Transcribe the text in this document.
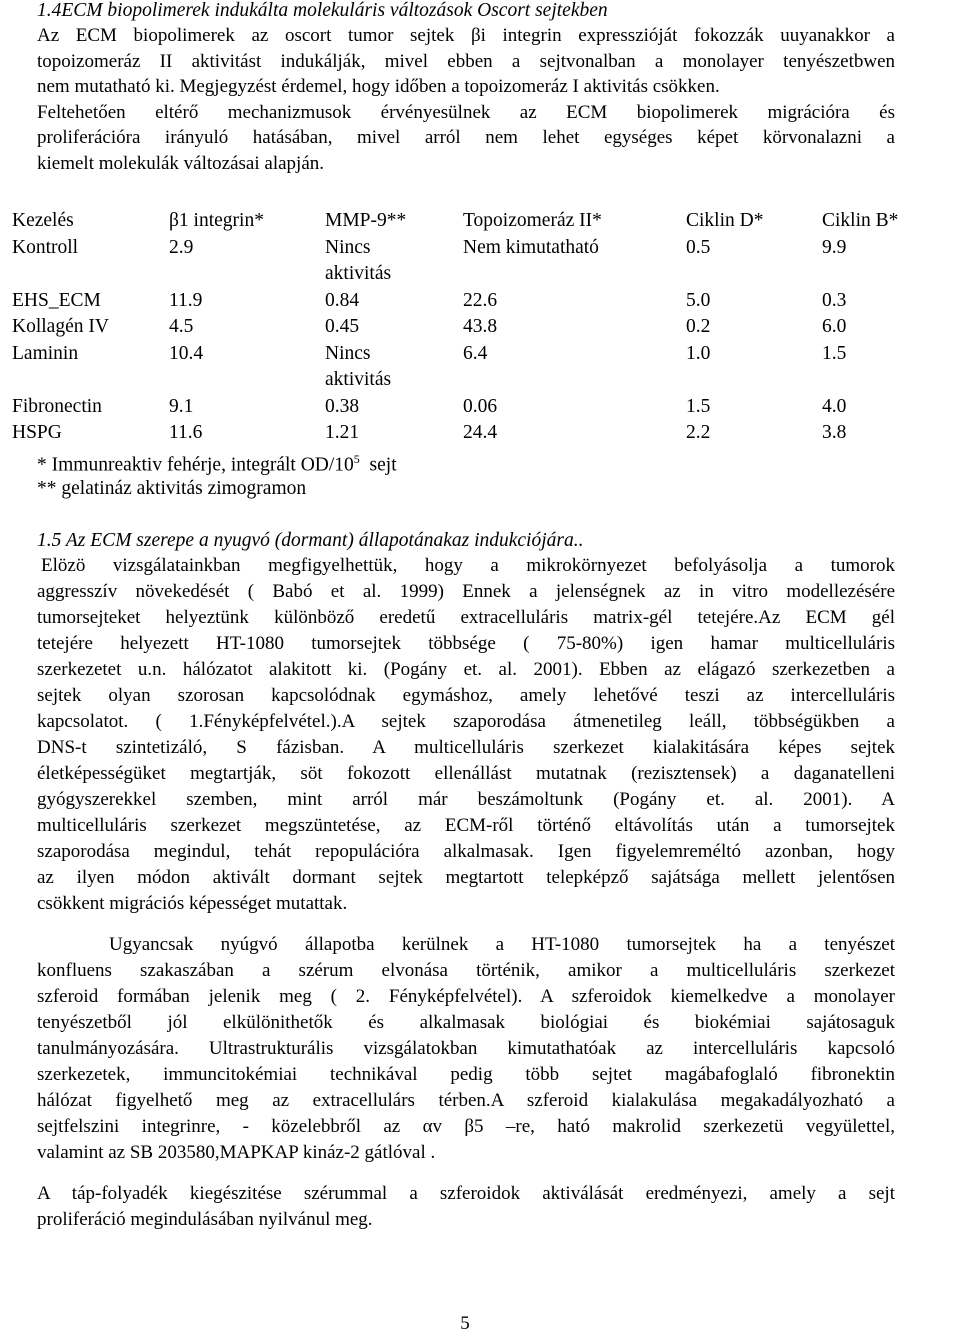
1.4ECM biopolimerek indukálta molekuláris változások Oscort sejtekben
Az ECM biopolimerek az oscort tumor sejtek βi integrin expresszióját fokozzák uuyanakkor a
topoizomeráz II aktivitást indukálják, mivel ebben a sejtvonalban a monolayer tenyészetbwen
nem mutatható ki. Megjegyzést érdemel, hogy időben a topoizomeráz I aktivitás csökken.
Feltehetően eltérő mechanizmusok érvényesülnek az ECM biopolimerek migrációra és
proliferációra irányuló hatásában, mivel arról nem lehet egységes képet körvonalazni a
kiemelt molekulák változásai alapján.
Kezelés	β1 integrin*	MMP-9**	Topoizomeráz II*	Ciklin D*	Ciklin B*
Kontroll	2.9	Nincs	Nem kimutatható	0.5	9.9
		aktivitás			
EHS_ECM	11.9	0.84	22.6	5.0	0.3
Kollagén IV	4.5	0.45	43.8	0.2	6.0
Laminin	10.4	Nincs	6.4	1.0	1.5
		aktivitás			
Fibronectin	9.1	0.38	0.06	1.5	4.0
HSPG	11.6	1.21	24.4	2.2	3.8
* Immunreaktiv fehérje, integrált $OD/10^5$ sejt
** gelatináz aktivitás zimogramon
1.5 Az ECM szerepe a nyugvó (dormant) állapotánakaz indukciójára..
Elözö vizsgálatainkban megfigyelhettük, hogy a mikrokörnyezet befolyásolja a tumorok
aggresszív növekedését ( Babó et al. 1999) Ennek a jelenségnek az in vitro modellezésére
tumorsejteket helyeztünk különböző eredetű extracelluláris matrix-gél tetejére.Az ECM gél
tetejére helyezett HT-1080 tumorsejtek többsége ( 75-80%) igen hamar multicelluláris
szerkezetet u.n. hálózatot alakitott ki. (Pogány et. al. 2001). Ebben az elágazó szerkezetben a
sejtek olyan szorosan kapcsolódnak egymáshoz, amely lehetővé teszi az intercelluláris
kapcsolatot. ( 1.Fényképfelvétel.).A sejtek szaporodása átmenetileg leáll, többségükben a
DNS-t szintetizáló, S fázisban. A multicelluláris szerkezet kialakitására képes sejtek
életképességüket megtartják, söt fokozott ellenállást mutatnak (rezisztensek) a daganatelleni
gyógyszerekkel szemben, mint arról már beszámoltunk (Pogány et. al. 2001). A
multicelluláris szerkezet megszüntetése, az ECM-ről történő eltávolítás után a tumorsejtek
szaporodása megindul, tehát repopulációra alkalmasak. Igen figyelemreméltó azonban, hogy
az ilyen módon aktivált dormant sejtek megtartott telepképző sajátsága mellett jelentősen
csökkent migrációs képességet mutattak.
Ugyancsak nyúgvó állapotba kerülnek a HT-1080 tumorsejtek ha a tenyészet
konfluens szakaszában a szérum elvonása történik, amikor a multicelluláris szerkezet
szferoid formában jelenik meg ( 2. Fényképfelvétel). A szferoidok kiemelkedve a monolayer
tenyészetből jól elkülönithetők és alkalmasak biológiai és biokémiai sajátosaguk
tanulmányozására. Ultrastrukturális vizsgálatokban kimutathatóak az intercelluláris kapcsoló
szerkezetek, immuncitokémiai technikával pedig több sejtet magábafoglaló fibronektin
hálózat figyelhető meg az extracellulárs térben.A szferoid kialakulása megakadályozható a
sejtfelszini integrinre, - közelebbről az αv β5 –re, ható makrolid szerkezetü vegyülettel,
valamint az SB 203580,MAPKAP kináz-2 gátlóval .
A táp-folyadék kiegészitése szérummal a szferoidok aktiválását eredményezi, amely a sejt
proliferáció megindulásában nyilvánul meg.
5
